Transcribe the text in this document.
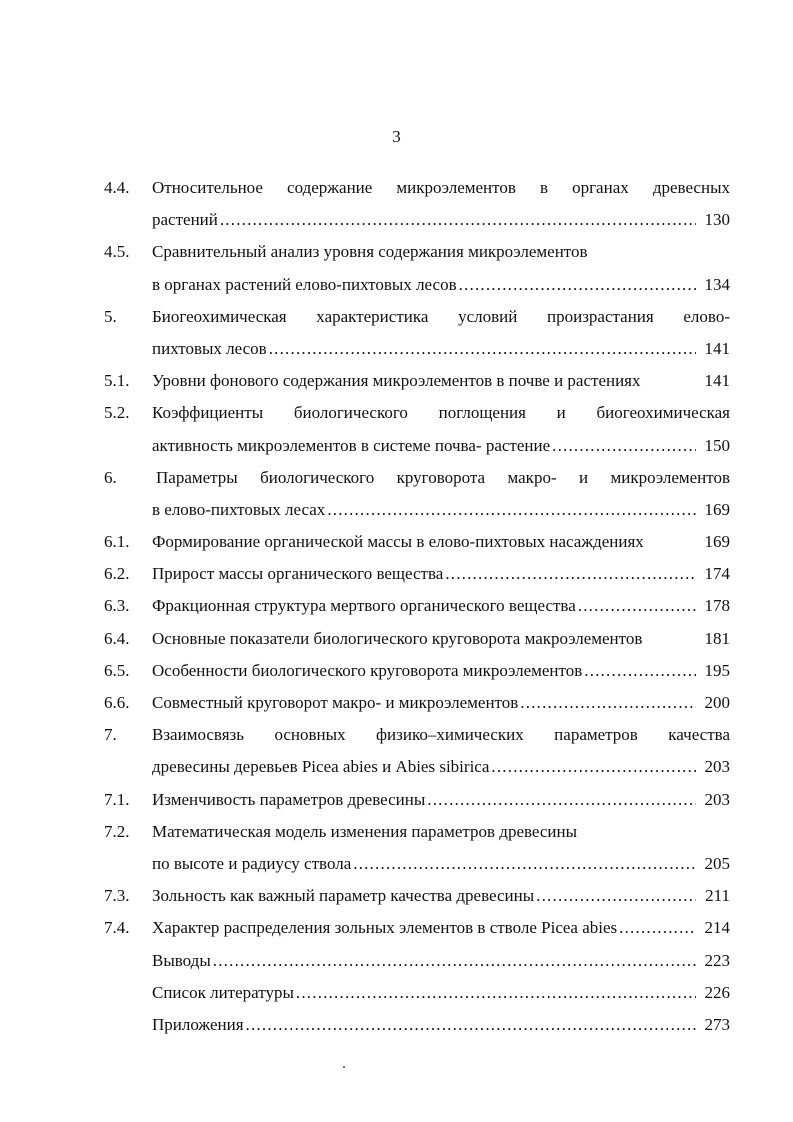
3
4.4.	Относительное содержание микроэлементов в органах древесных
растений .....	130
4.5.	Сравнительный анализ уровня содержания микроэлементов
в органах растений елово-пихтовых лесов .....	134
5.	Биогеохимическая характеристика условий произрастания елово-
пихтовых лесов .....	141
5.1.	Уровни фонового содержания микроэлементов в почве и растениях	141
5.2.	Коэффициенты биологического поглощения и биогеохимическая
активность микроэлементов в системе почва- растение .....	150
6.	Параметры биологического круговорота макро- и микроэлементов
в елово-пихтовых лесах .....	169
6.1.	Формирование органической массы в елово-пихтовых насаждениях	169
6.2.	Прирост массы органического вещества .....	174
6.3.	Фракционная структура мертвого органического вещества .....	178
6.4.	Основные показатели биологического круговорота макроэлементов	181
6.5.	Особенности биологического круговорота микроэлементов .....	195
6.6.	Совместный круговорот макро- и микроэлементов .....	200
7.	Взаимосвязь основных физико–химических параметров качества
древесины деревьев Picea abies и Abies sibirica .....	203
7.1.	Изменчивость параметров древесины .....	203
7.2.	Математическая модель изменения параметров древесины
по высоте и радиусу ствола .....	205
7.3.	Зольность как важный параметр качества древесины .....	211
7.4.	Характер распределения зольных элементов в стволе Picea abies .....	214
Выводы .....	223
Список литературы .....	226
Приложения .....	273
